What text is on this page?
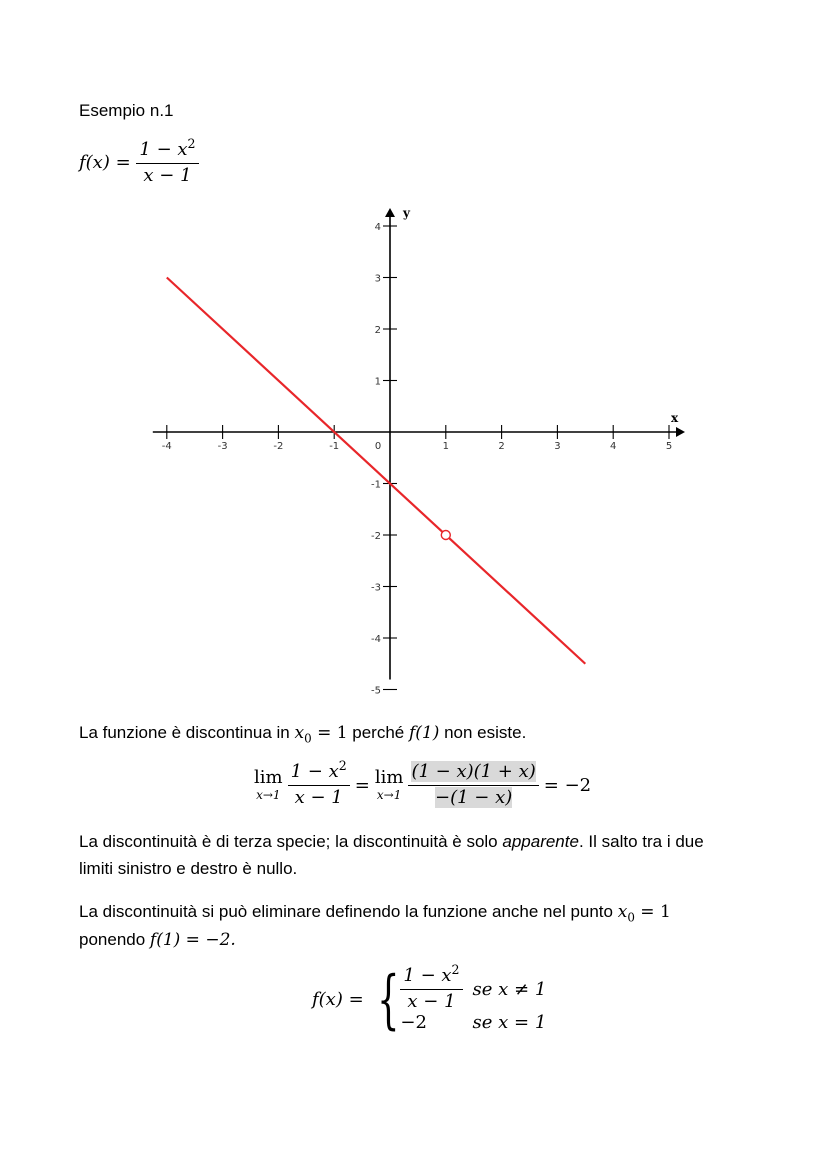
Esempio n.1
$f(x) = \frac{1 - x^2}{x - 1}$
x
y
-4	-3	-2	-1	0	1	2	3	4	5
4
3
2
1
-1
-2
-3
-4
-5
La funzione è discontinua in $x_0 = 1$ perché f(1) non esiste.
lim
$x\to 1 \frac{1 - x^2}{x - 1} = \lim$
$x\to 1 \frac{(1 - x)(1 + x)}{-(1 - x)} = -2$
La discontinuità è di terza specie; la discontinuità è solo apparente. Il salto tra i due
limiti sinistro e destro è nullo.
La discontinuità si può eliminare definendo la funzione anche nel punto $x_0 = 1$
ponendo f(1) = −2.
f(x) = { $\frac{1 - x^2}{x - 1}$ se x ≠ 1
−2	se x = 1
